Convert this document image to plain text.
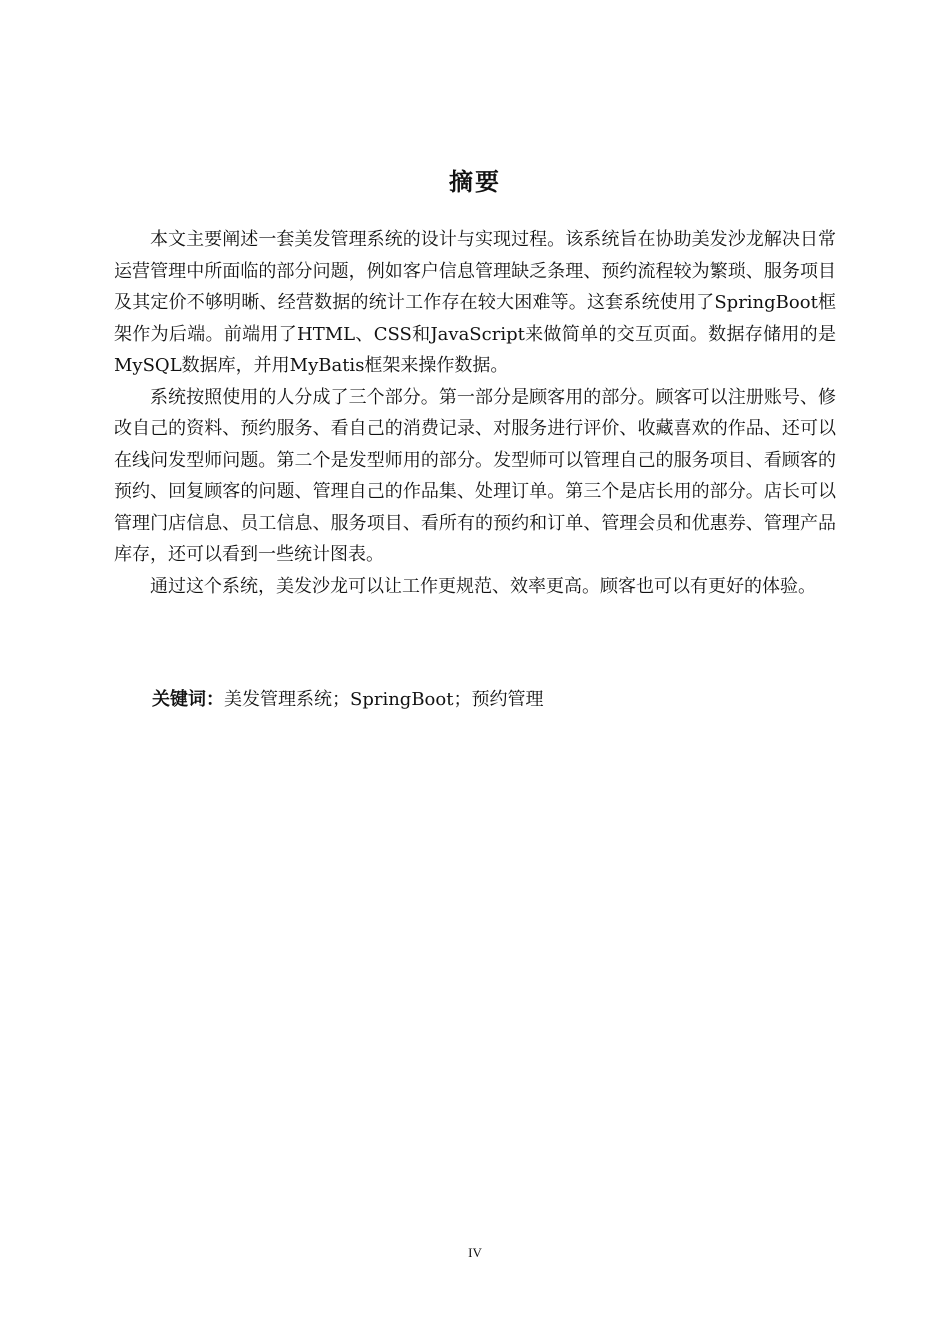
摘要

本文主要阐述一套美发管理系统的设计与实现过程。该系统旨在协助美发沙龙解决日常运营管理中所面临的部分问题，例如客户信息管理缺乏条理、预约流程较为繁琐、服务项目及其定价不够明晰、经营数据的统计工作存在较大困难等。这套系统使用了SpringBoot框架作为后端。前端用了HTML、CSS和JavaScript来做简单的交互页面。数据存储用的是MySQL数据库，并用MyBatis框架来操作数据。

系统按照使用的人分成了三个部分。第一部分是顾客用的部分。顾客可以注册账号、修改自己的资料、预约服务、看自己的消费记录、对服务进行评价、收藏喜欢的作品、还可以在线问发型师问题。第二个是发型师用的部分。发型师可以管理自己的服务项目、看顾客的预约、回复顾客的问题、管理自己的作品集、处理订单。第三个是店长用的部分。店长可以管理门店信息、员工信息、服务项目、看所有的预约和订单、管理会员和优惠券、管理产品库存，还可以看到一些统计图表。

通过这个系统，美发沙龙可以让工作更规范、效率更高。顾客也可以有更好的体验。

关键词：美发管理系统；SpringBoot；预约管理
IV
